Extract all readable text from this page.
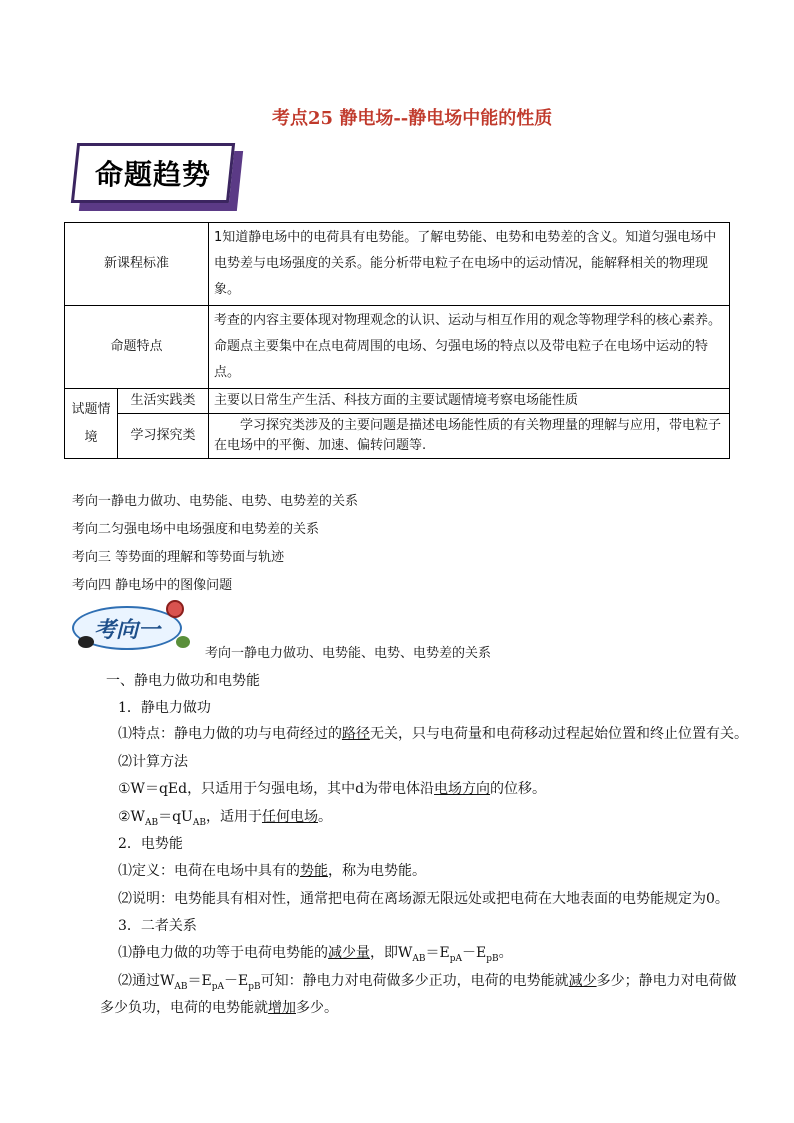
考点25 静电场--静电场中能的性质
命题趋势
新课程标准		1知道静电场中的电荷具有电势能。了解电势能、电势和电势差的含义。知道匀强电场中电势差与电场强度的关系。能分析带电粒子在电场中的运动情况，能解释相关的物理现象。
命题特点		考查的内容主要体现对物理观念的认识、运动与相互作用的观念等物理学科的核心素养。命题点主要集中在点电荷周围的电场、匀强电场的特点以及带电粒子在电场中运动的特点。
试题情境	生活实践类	主要以日常生产生活、科技方面的主要试题情境考察电场能性质
	学习探究类	学习探究类涉及的主要问题是描述电场能性质的有关物理量的理解与应用，带电粒子在电场中的平衡、加速、偏转问题等.
考向一静电力做功、电势能、电势、电势差的关系
考向二匀强电场中电场强度和电势差的关系
考向三 等势面的理解和等势面与轨迹
考向四 静电场中的图像问题
考向一
考向一静电力做功、电势能、电势、电势差的关系
一、静电力做功和电势能
1．静电力做功
⑴特点：静电力做的功与电荷经过的路径无关，只与电荷量和电荷移动过程起始位置和终止位置有关。
⑵计算方法
①W＝qEd，只适用于匀强电场，其中d为带电体沿电场方向的位移。
$②W_{AB}=qU_{AB}$，适用于任何电场。
2．电势能
⑴定义：电荷在电场中具有的势能，称为电势能。
⑵说明：电势能具有相对性，通常把电荷在离场源无限远处或把电荷在大地表面的电势能规定为0。
3．二者关系
⑴静电力做的功等于电荷电势能的减少量，即$W_{AB}=E_{pA}-E_{pB}$。
⑵通过$W_{AB}=E_{pA}-E_{pB}$可知：静电力对电荷做多少正功，电荷的电势能就减少多少；静电力对电荷做
多少负功，电荷的电势能就增加多少。
